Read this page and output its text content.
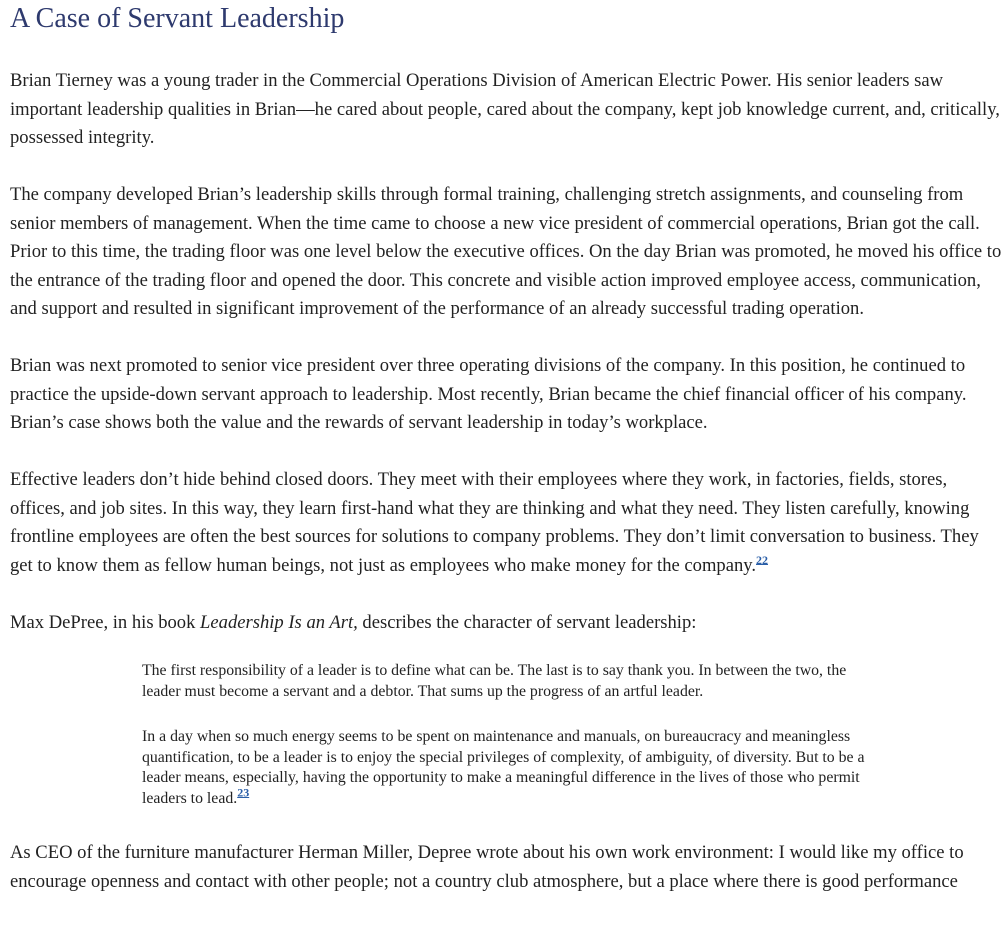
A Case of Servant Leadership

Brian Tierney was a young trader in the Commercial Operations Division of American Electric Power. His senior leaders saw important leadership qualities in Brian—he cared about people, cared about the company, kept job knowledge current, and, critically, possessed integrity.

The company developed Brian’s leadership skills through formal training, challenging stretch assignments, and counseling from senior members of management. When the time came to choose a new vice president of commercial operations, Brian got the call. Prior to this time, the trading floor was one level below the executive offices. On the day Brian was promoted, he moved his office to the entrance of the trading floor and opened the door. This concrete and visible action improved employee access, communication, and support and resulted in significant improvement of the performance of an already successful trading operation.

Brian was next promoted to senior vice president over three operating divisions of the company. In this position, he continued to practice the upside-down servant approach to leadership. Most recently, Brian became the chief financial officer of his company. Brian’s case shows both the value and the rewards of servant leadership in today’s workplace.

Effective leaders don’t hide behind closed doors. They meet with their employees where they work, in factories, fields, stores, offices, and job sites. In this way, they learn first-hand what they are thinking and what they need. They listen carefully, knowing frontline employees are often the best sources for solutions to company problems. They don’t limit conversation to business. They get to know them as fellow human beings, not just as employees who make money for the company.$^{22}$

Max DePree, in his book Leadership Is an Art, describes the character of servant leadership:

The first responsibility of a leader is to define what can be. The last is to say thank you. In between the two, the leader must become a servant and a debtor. That sums up the progress of an artful leader.

In a day when so much energy seems to be spent on maintenance and manuals, on bureaucracy and meaningless quantification, to be a leader is to enjoy the special privileges of complexity, of ambiguity, of diversity. But to be a leader means, especially, having the opportunity to make a meaningful difference in the lives of those who permit leaders to lead.$^{23}$

As CEO of the furniture manufacturer Herman Miller, Depree wrote about his own work environment: I would like my office to encourage openness and contact with other people; not a country club atmosphere, but a place where there is good performance
